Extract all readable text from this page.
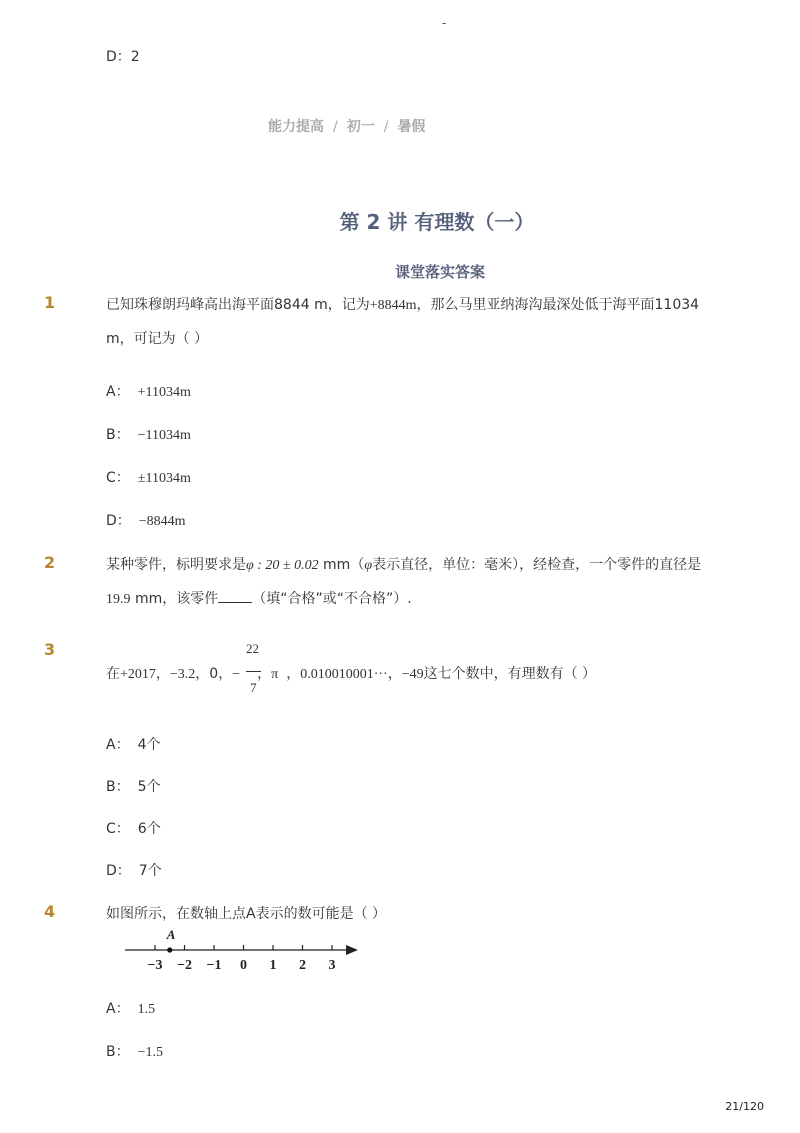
-
D：2
能力提高 / 初一 / 暑假
第 2 讲 有理数（一）
课堂落实答案
1	已知珠穆朗玛峰高出海平面8844 m，记为+8844m，那么马里亚纳海沟最深处低于海平面11034
m，可记为（ ）
A： +11034m
B： −11034m
C： ±11034m
D： −8844m
2	某种零件，标明要求是φ : 20 ± 0.02 mm（φ表示直径，单位：毫米），经检查，一个零件的直径是
19.9 mm，该零件 （填“合格”或“不合格”）.
3	22
7
在+2017，−3.2，0，− ，π ，0.010010001···，−49这七个数中，有理数有（ ）
A： 4个
B： 5个
C： 6个
D： 7个
4	如图所示，在数轴上点A表示的数可能是（ ）
−3 −2 −1 0 1 2 3
A
A： 1.5
B： −1.5
21/120
